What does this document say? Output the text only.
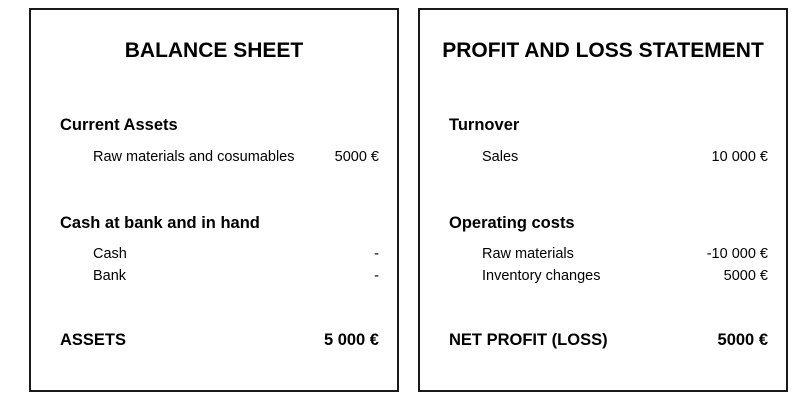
BALANCE SHEET
Current Assets
Raw materials and cosumables	5000 €
Cash at bank and in hand
Cash	-
Bank	-
ASSETS	5 000 €
PROFIT AND LOSS STATEMENT
Turnover
Sales	10 000 €
Operating costs
Raw materials	-10 000 €
Inventory changes	5000 €
NET PROFIT (LOSS)	5000 €
